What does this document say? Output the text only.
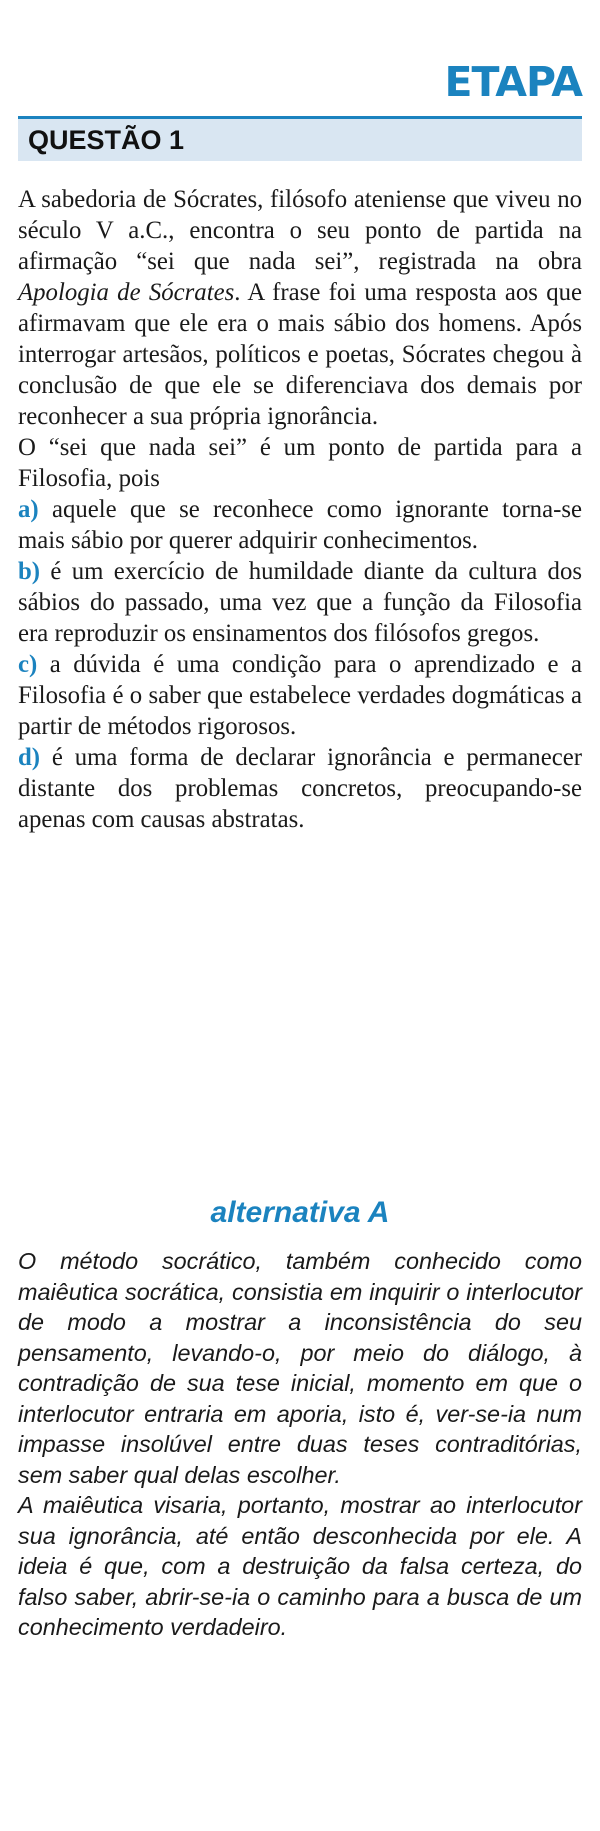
ETAPA
QUESTÃO 1

A sabedoria de Sócrates, filósofo ateniense que viveu no século V a.C., encontra o seu ponto de partida na afirmação “sei que nada sei”, registrada na obra Apologia de Sócrates. A frase foi uma resposta aos que afirmavam que ele era o mais sábio dos homens. Após interrogar artesãos, políticos e poetas, Sócrates chegou à conclusão de que ele se diferenciava dos demais por reconhecer a sua própria ignorância.

O “sei que nada sei” é um ponto de partida para a Filosofia, pois

a) aquele que se reconhece como ignorante torna-se mais sábio por querer adquirir conhecimentos.

b) é um exercício de humildade diante da cultura dos sábios do passado, uma vez que a função da Filosofia era reproduzir os ensinamentos dos filósofos gregos.

c) a dúvida é uma condição para o aprendizado e a Filosofia é o saber que estabelece verdades dogmáticas a partir de métodos rigorosos.

d) é uma forma de declarar ignorância e permanecer distante dos problemas concretos, preocupando-se apenas com causas abstratas.

alternativa A

O método socrático, também conhecido como maiêutica socrática, consistia em inquirir o interlocutor de modo a mostrar a inconsistência do seu pensamento, levando-o, por meio do diálogo, à contradição de sua tese inicial, momento em que o interlocutor entraria em aporia, isto é, ver-se-ia num impasse insolúvel entre duas teses contraditórias, sem saber qual delas escolher.

A maiêutica visaria, portanto, mostrar ao interlocutor sua ignorância, até então desconhecida por ele. A ideia é que, com a destruição da falsa certeza, do falso saber, abrir-se-ia o caminho para a busca de um conhecimento verdadeiro.
